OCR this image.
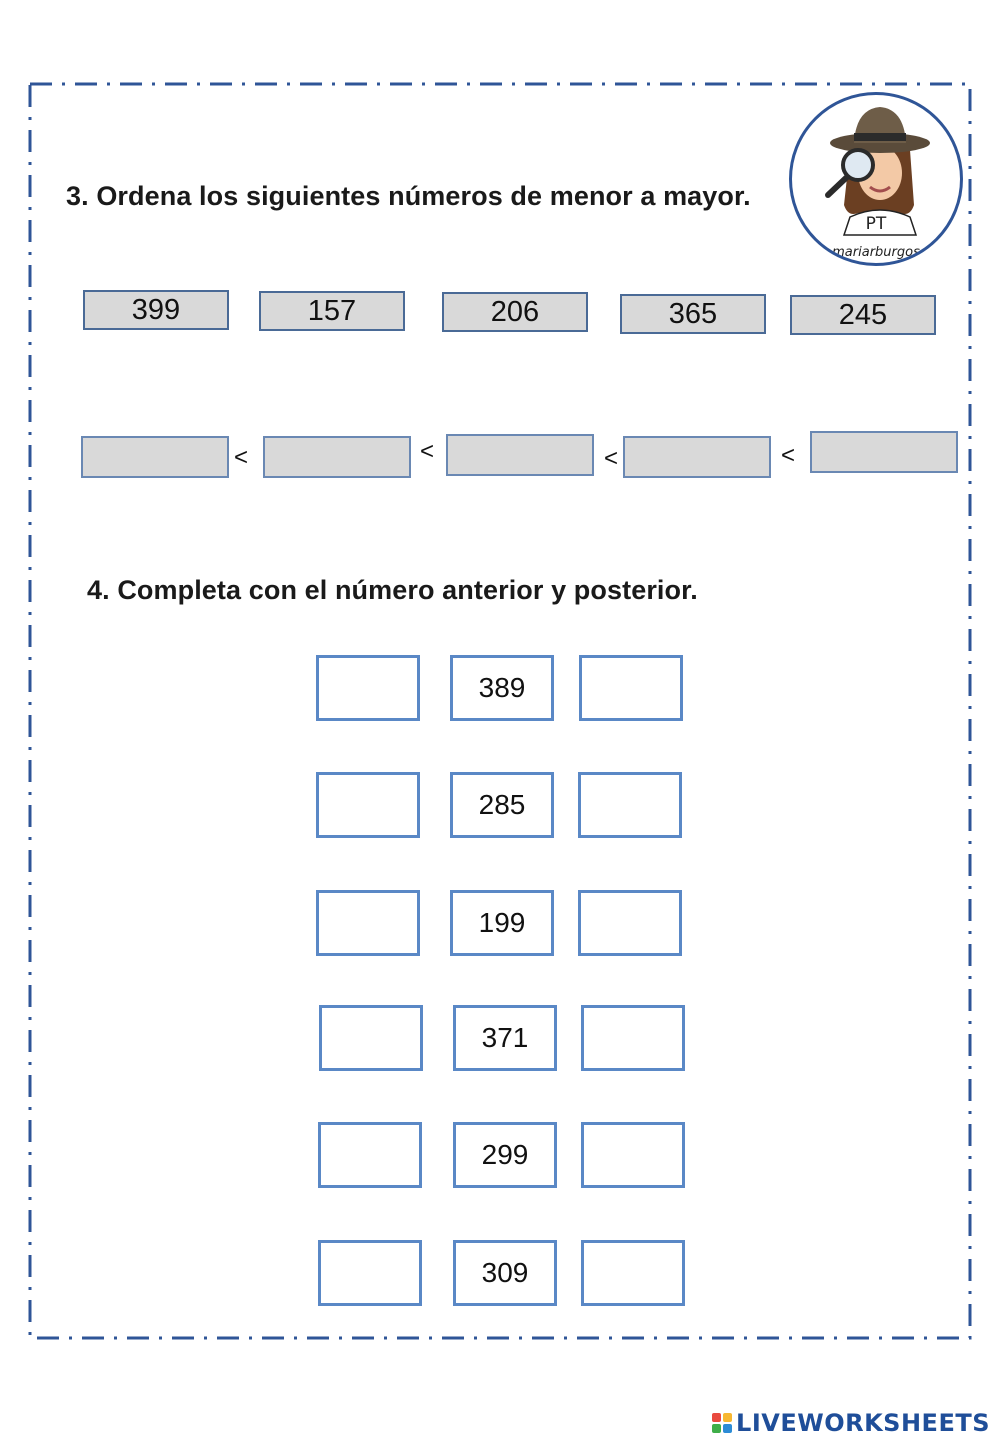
PT
mariarburgos
3. Ordena los siguientes números de menor a mayor.
399	157	206	365	245
<	<	<	<
4. Completa con el número anterior y posterior.
389
285
199
371
299
309
LIVEWORKSHEETS
